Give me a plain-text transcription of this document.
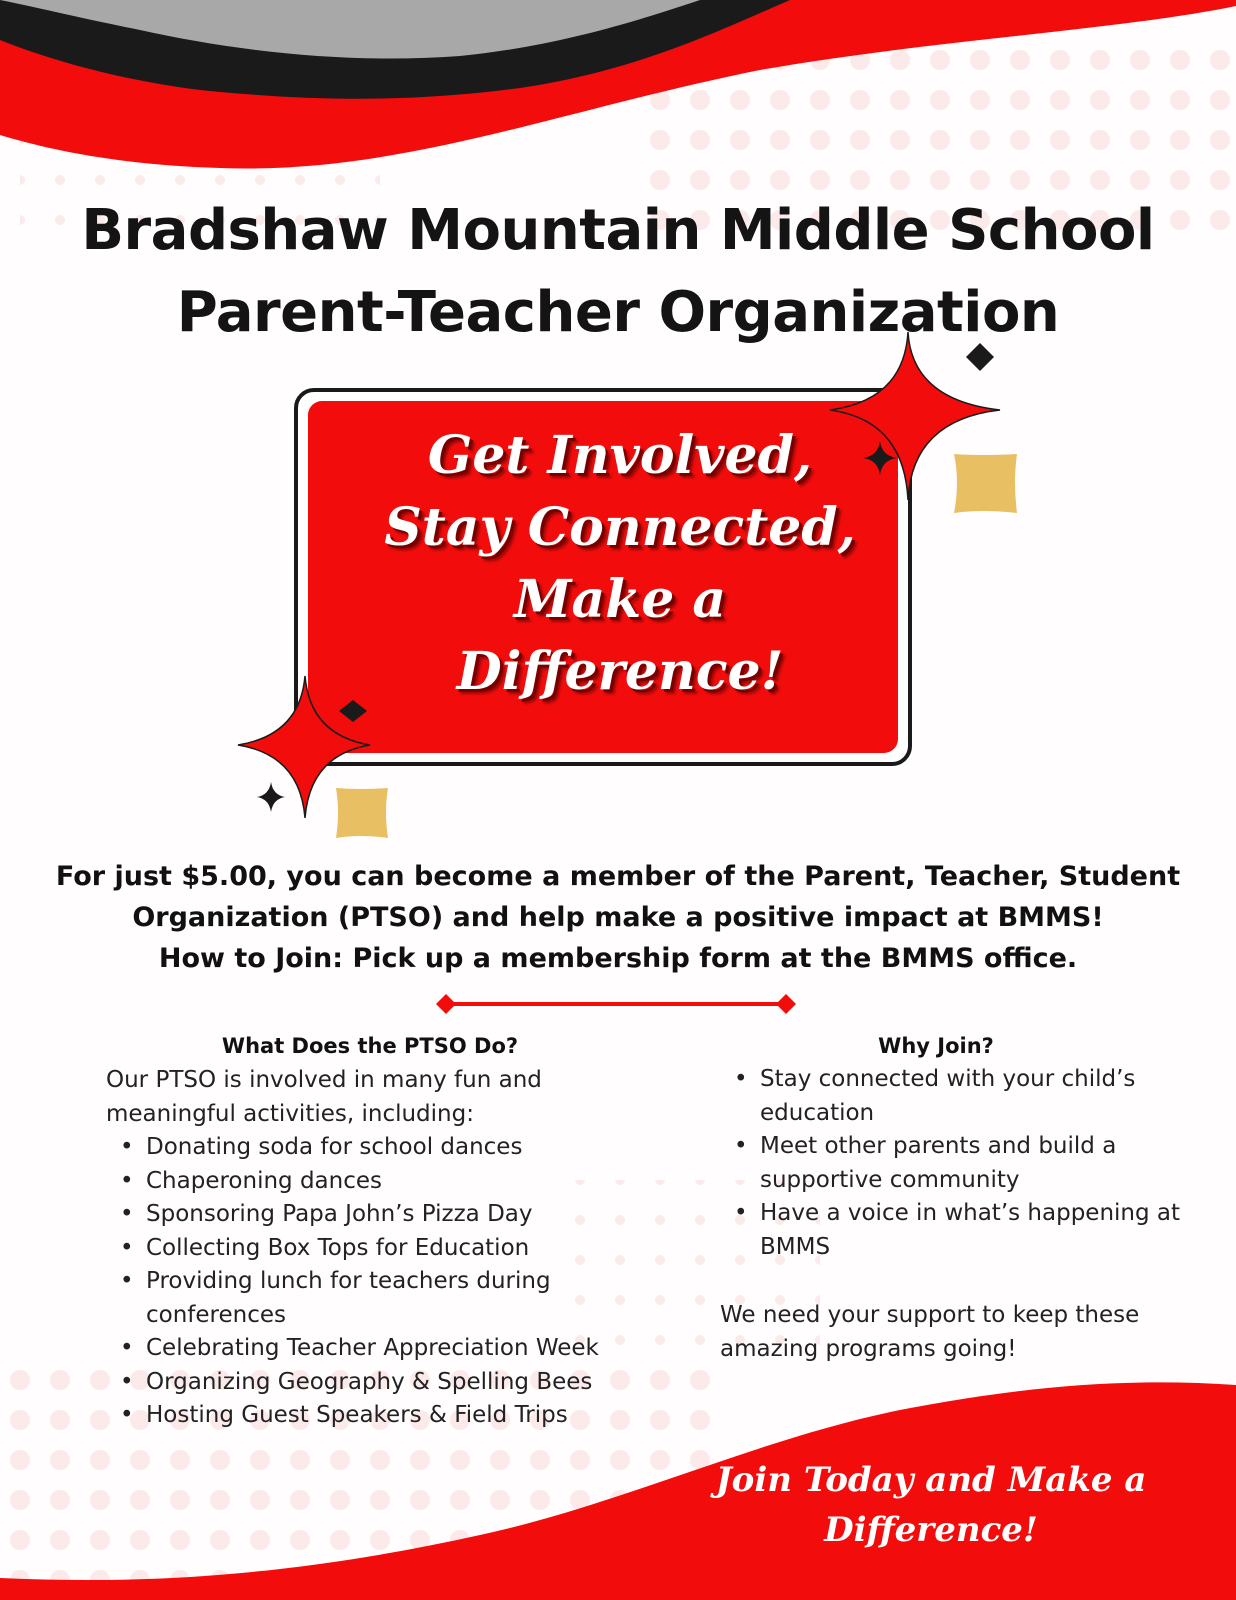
Bradshaw Mountain Middle School
Parent-Teacher Organization
Get Involved,
Stay Connected,
Make a
Difference!
For just $5.00, you can become a member of the Parent, Teacher, Student
Organization (PTSO) and help make a positive impact at BMMS!
How to Join: Pick up a membership form at the BMMS office.
What Does the PTSO Do?
Our PTSO is involved in many fun and meaningful activities, including:
• Donating soda for school dances
• Chaperoning dances
• Sponsoring Papa John’s Pizza Day
• Collecting Box Tops for Education
• Providing lunch for teachers during conferences
• Celebrating Teacher Appreciation Week
• Organizing Geography & Spelling Bees
• Hosting Guest Speakers & Field Trips
Why Join?
• Stay connected with your child’s education
• Meet other parents and build a supportive community
• Have a voice in what’s happening at BMMS
We need your support to keep these amazing programs going!
Join Today and Make a
Difference!
